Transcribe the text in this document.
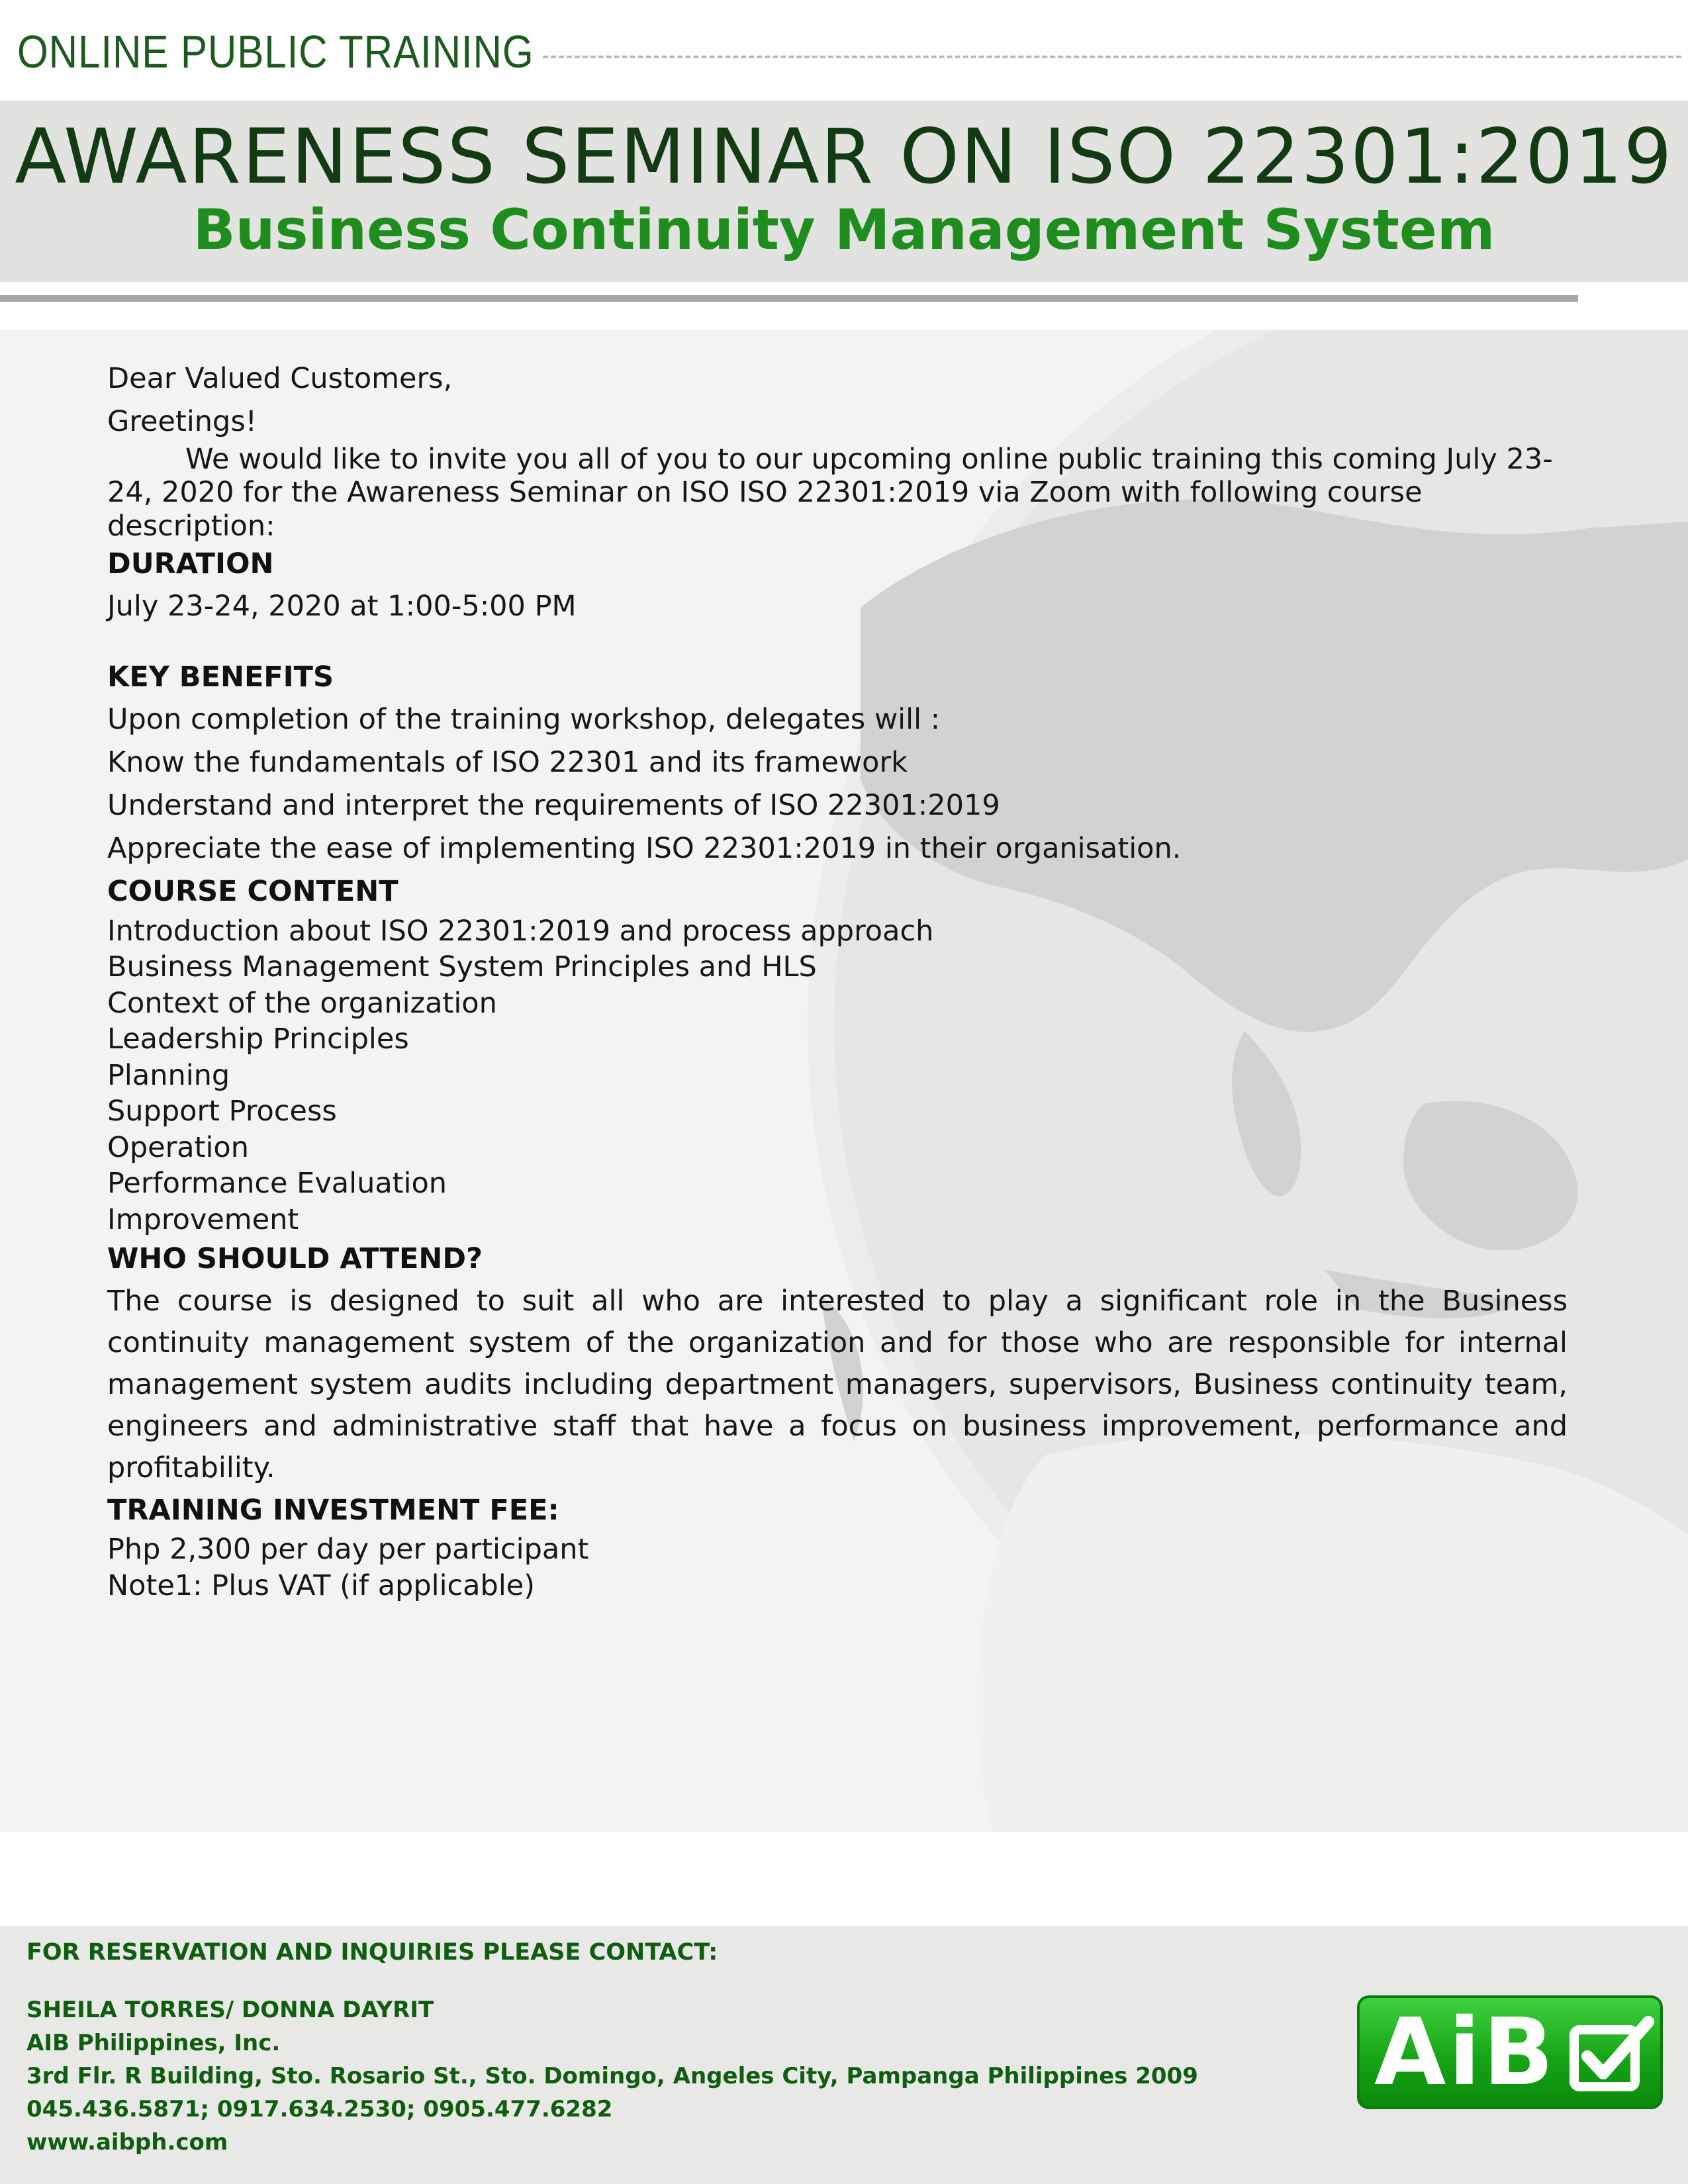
ONLINE PUBLIC TRAINING
AWARENESS SEMINAR ON ISO 22301:2019
Business Continuity Management System

Dear Valued Customers,

Greetings!

We would like to invite you all of you to our upcoming online public training this coming July 23-24, 2020 for the Awareness Seminar on ISO ISO 22301:2019 via Zoom with following course description:

DURATION

July 23-24, 2020 at 1:00-5:00 PM

KEY BENEFITS

Upon completion of the training workshop, delegates will :

Know the fundamentals of ISO 22301 and its framework

Understand and interpret the requirements of ISO 22301:2019

Appreciate the ease of implementing ISO 22301:2019 in their organisation.

COURSE CONTENT

Introduction about ISO 22301:2019 and process approach

Business Management System Principles and HLS

Context of the organization

Leadership Principles

Planning

Support Process

Operation

Performance Evaluation

Improvement

WHO SHOULD ATTEND?

The course is designed to suit all who are interested to play a significant role in the Business continuity management system of the organization and for those who are responsible for internal management system audits including department managers, supervisors, Business continuity team, engineers and administrative staff that have a focus on business improvement, performance and profitability.

TRAINING INVESTMENT FEE:

Php 2,300 per day per participant

Note1: Plus VAT (if applicable)

FOR RESERVATION AND INQUIRIES PLEASE CONTACT:

SHEILA TORRES/ DONNA DAYRIT

AIB Philippines, Inc.

3rd Flr. R Building, Sto. Rosario St., Sto. Domingo, Angeles City, Pampanga Philippines 2009

045.436.5871; 0917.634.2530; 0905.477.6282

www.aibph.com

AiB
